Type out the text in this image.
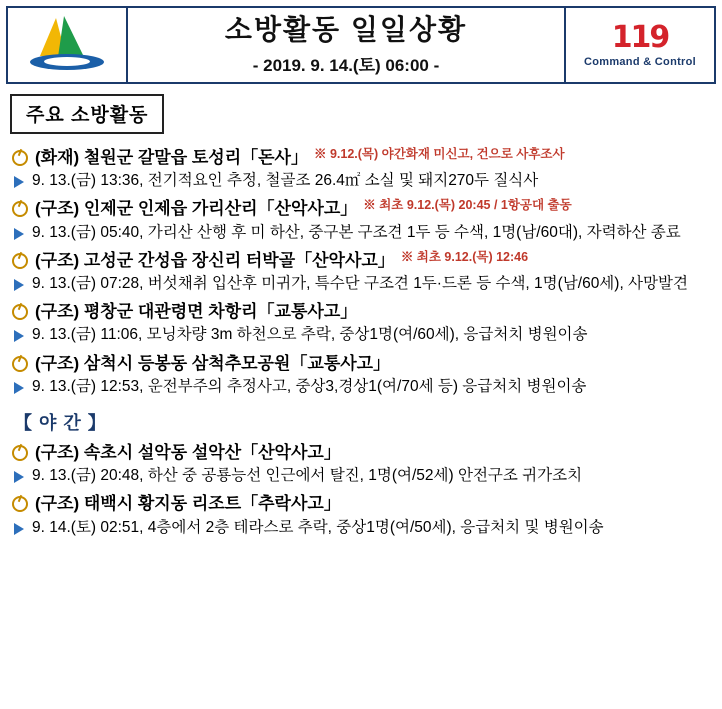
소방활동 일일상황
- 2019. 9. 14.(토) 06:00 -
119
Command & Control
주요 소방활동
(화재) 철원군 갈말읍 토성리「돈사」 ※ 9.12.(목) 야간화재 미신고, 건으로 사후조사
9. 13.(금) 13:36, 전기적요인 추정, 철골조 26.4㎡ 소실 및 돼지270두 질식사
(구조) 인제군 인제읍 가리산리「산악사고」 ※ 최초 9.12.(목) 20:45 / 1항공대 출동
9. 13.(금) 05:40, 가리산 산행 후 미 하산, 중구본 구조견 1두 등 수색, 1명(남/60대), 자력하산 종료
(구조) 고성군 간성읍 장신리 터박골「산악사고」 ※ 최초 9.12.(목) 12:46
9. 13.(금) 07:28, 버섯채취 입산후 미귀가, 특수단 구조견 1두·드론 등 수색, 1명(남/60세), 사망발견
(구조) 평창군 대관령면 차항리「교통사고」
9. 13.(금) 11:06, 모닝차량 3m 하천으로 추락, 중상1명(여/60세), 응급처치 병원이송
(구조) 삼척시 등봉동 삼척추모공원「교통사고」
9. 13.(금) 12:53, 운전부주의 추정사고, 중상3,경상1(여/70세 등) 응급처치 병원이송
【 야 간 】
(구조) 속초시 설악동 설악산「산악사고」
9. 13.(금) 20:48, 하산 중 공룡능선 인근에서 탈진, 1명(여/52세) 안전구조 귀가조치
(구조) 태백시 황지동 리조트「추락사고」
9. 14.(토) 02:51, 4층에서 2층 테라스로 추락, 중상1명(여/50세), 응급처치 및 병원이송
